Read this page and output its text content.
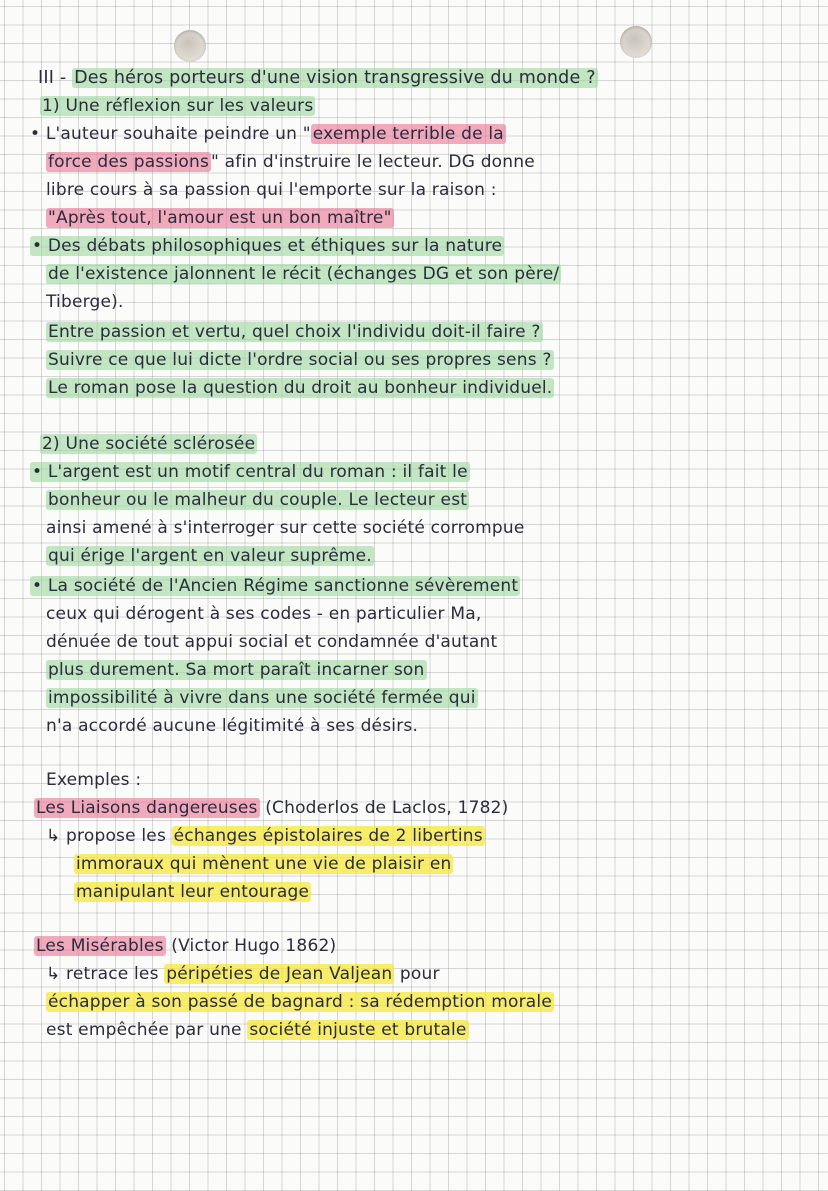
III - Des héros porteurs d'une vision transgressive du monde ?
1) Une réflexion sur les valeurs
• L'auteur souhaite peindre un " exemple terrible de la
force des passions " afin d'instruire le lecteur. DG donne
libre cours à sa passion qui l'emporte sur la raison :
"Après tout, l'amour est un bon maître"
• Des débats philosophiques et éthiques sur la nature
de l'existence jalonnent le récit (échanges DG et son père/
Tiberge).
Entre passion et vertu, quel choix l'individu doit-il faire ?
Suivre ce que lui dicte l'ordre social ou ses propres sens ?
Le roman pose la question du droit au bonheur individuel.
2) Une société sclérosée
• L'argent est un motif central du roman : il fait le
bonheur ou le malheur du couple. Le lecteur est
ainsi amené à s'interroger sur cette société corrompue
qui érige l'argent en valeur suprême.
• La société de l'Ancien Régime sanctionne sévèrement
ceux qui dérogent à ses codes - en particulier Ma,
dénuée de tout appui social et condamnée d'autant
plus durement. Sa mort paraît incarner son
impossibilité à vivre dans une société fermée qui
n'a accordé aucune légitimité à ses désirs.
Exemples :
Les Liaisons dangereuses (Choderlos de Laclos, 1782)
↳ propose les échanges épistolaires de 2 libertins
immoraux qui mènent une vie de plaisir en
manipulant leur entourage
Les Misérables (Victor Hugo 1862)
↳ retrace les péripéties de Jean Valjean pour
échapper à son passé de bagnard : sa rédemption morale
est empêchée par une société injuste et brutale
